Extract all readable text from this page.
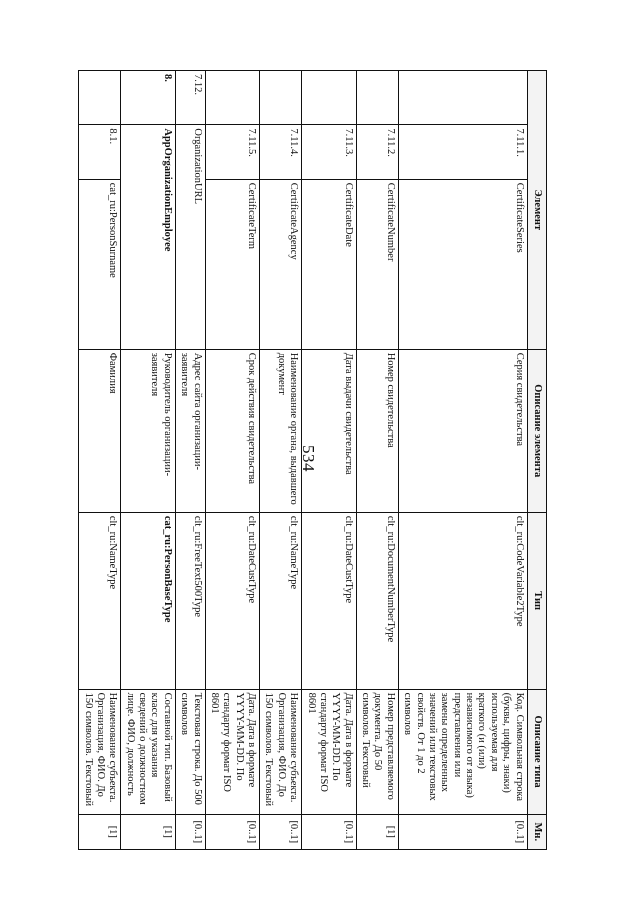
534
Элемент			Описание элемента	Тип	Описание типа	Мн.
	7.11.1.	CertificateSeries	Серия свидетельства	clt_ru:CodeVariable2Type	Код. Символьная строка (буквы, цифры, знаки) используемая для краткого (и (или) независимого от языка) представления или замены определенных значений или текстовых свойств. От 1 до 2 символов	[0..1]
	7.11.2.	CertificateNumber	Номер свидетельства	clt_ru:DocumentNumberType	Номер представляемого документа. До 50 символов. Текстовый	[1]
	7.11.3.	CertificateDate	Дата выдачи свидетельства	clt_ru:DateCustType	Дата. Дата в формате YYYY-MM-DD. По стандарту формат ISO 8601	[0..1]
	7.11.4.	CertificateAgency	Наименование органа, выдавшего документ	clt_ru:NameType	Наименование субъекта. Организация, ФИО. До 150 символов. Текстовый	[0..1]
	7.11.5.	CertificateTerm	Срок действия свидетельства	clt_ru:DateCustType	Дата. Дата в формате YYYY-MM-DD. По стандарту формат ISO 8601	[0..1]
7.12.	OrganizationURL		Адрес сайта организации-заявителя	clt_ru:FreeText500Type	Текстовая строка. До 500 символов	[0..1]
8.	AppOrganizationEmployee		Руководитель организации-заявителя	cat_ru:PersonBaseType	Составной тип. Базовый класс для указания сведений о должностном лице. ФИО, должность	[1]
	8.1.	cat_ru:PersonSurname	Фамилия	clt_ru:NameType	Наименование субъекта. Организация, ФИО. До 150 символов. Текстовый	[1]
